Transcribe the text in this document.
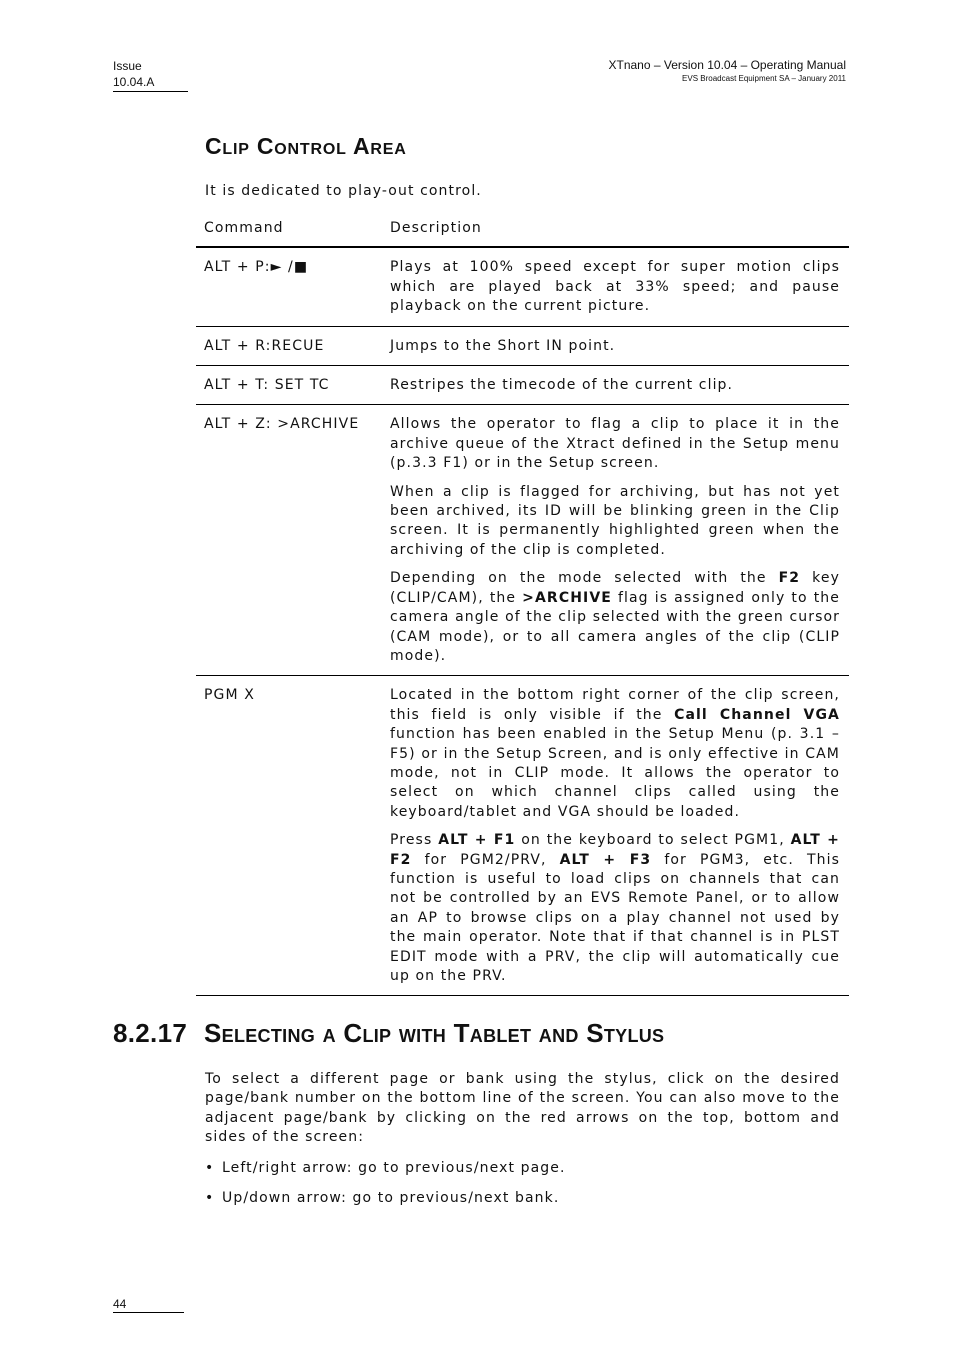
Issue
10.04.A
XTnano – Version 10.04 – Operating Manual
EVS Broadcast Equipment SA – January 2011
Clip Control Area

It is dedicated to play-out control.

Command	Description
ALT + P:► /■	Plays at 100% speed except for super motion clips which are played back at 33% speed; and pause playback on the current picture.

ALT + R:RECUE	Jumps to the Short IN point.

ALT + T: SET TC	Restripes the timecode of the current clip.

ALT + Z: >ARCHIVE	Allows the operator to flag a clip to place it in the archive queue of the Xtract defined in the Setup menu (p.3.3 F1) or in the Setup screen.

When a clip is flagged for archiving, but has not yet been archived, its ID will be blinking green in the Clip screen. It is permanently highlighted green when the archiving of the clip is completed.

Depending on the mode selected with the F2 key (CLIP/CAM), the >ARCHIVE flag is assigned only to the camera angle of the clip selected with the green cursor (CAM mode), or to all camera angles of the clip (CLIP mode).

PGM X	Located in the bottom right corner of the clip screen, this field is only visible if the Call Channel VGA function has been enabled in the Setup Menu (p. 3.1 – F5) or in the Setup Screen, and is only effective in CAM mode, not in CLIP mode. It allows the operator to select on which channel clips called using the keyboard/tablet and VGA should be loaded.

Press ALT + F1 on the keyboard to select PGM1, ALT + F2 for PGM2/PRV, ALT + F3 for PGM3, etc. This function is useful to load clips on channels that can not be controlled by an EVS Remote Panel, or to allow an AP to browse clips on a play channel not used by the main operator. Note that if that channel is in PLST EDIT mode with a PRV, the clip will automatically cue up on the PRV.

8.2.17 Selecting a Clip with Tablet and Stylus

To select a different page or bank using the stylus, click on the desired page/bank number on the bottom line of the screen. You can also move to the adjacent page/bank by clicking on the red arrows on the top, bottom and sides of the screen:

• Left/right arrow: go to previous/next page.
• Up/down arrow: go to previous/next bank.
44
